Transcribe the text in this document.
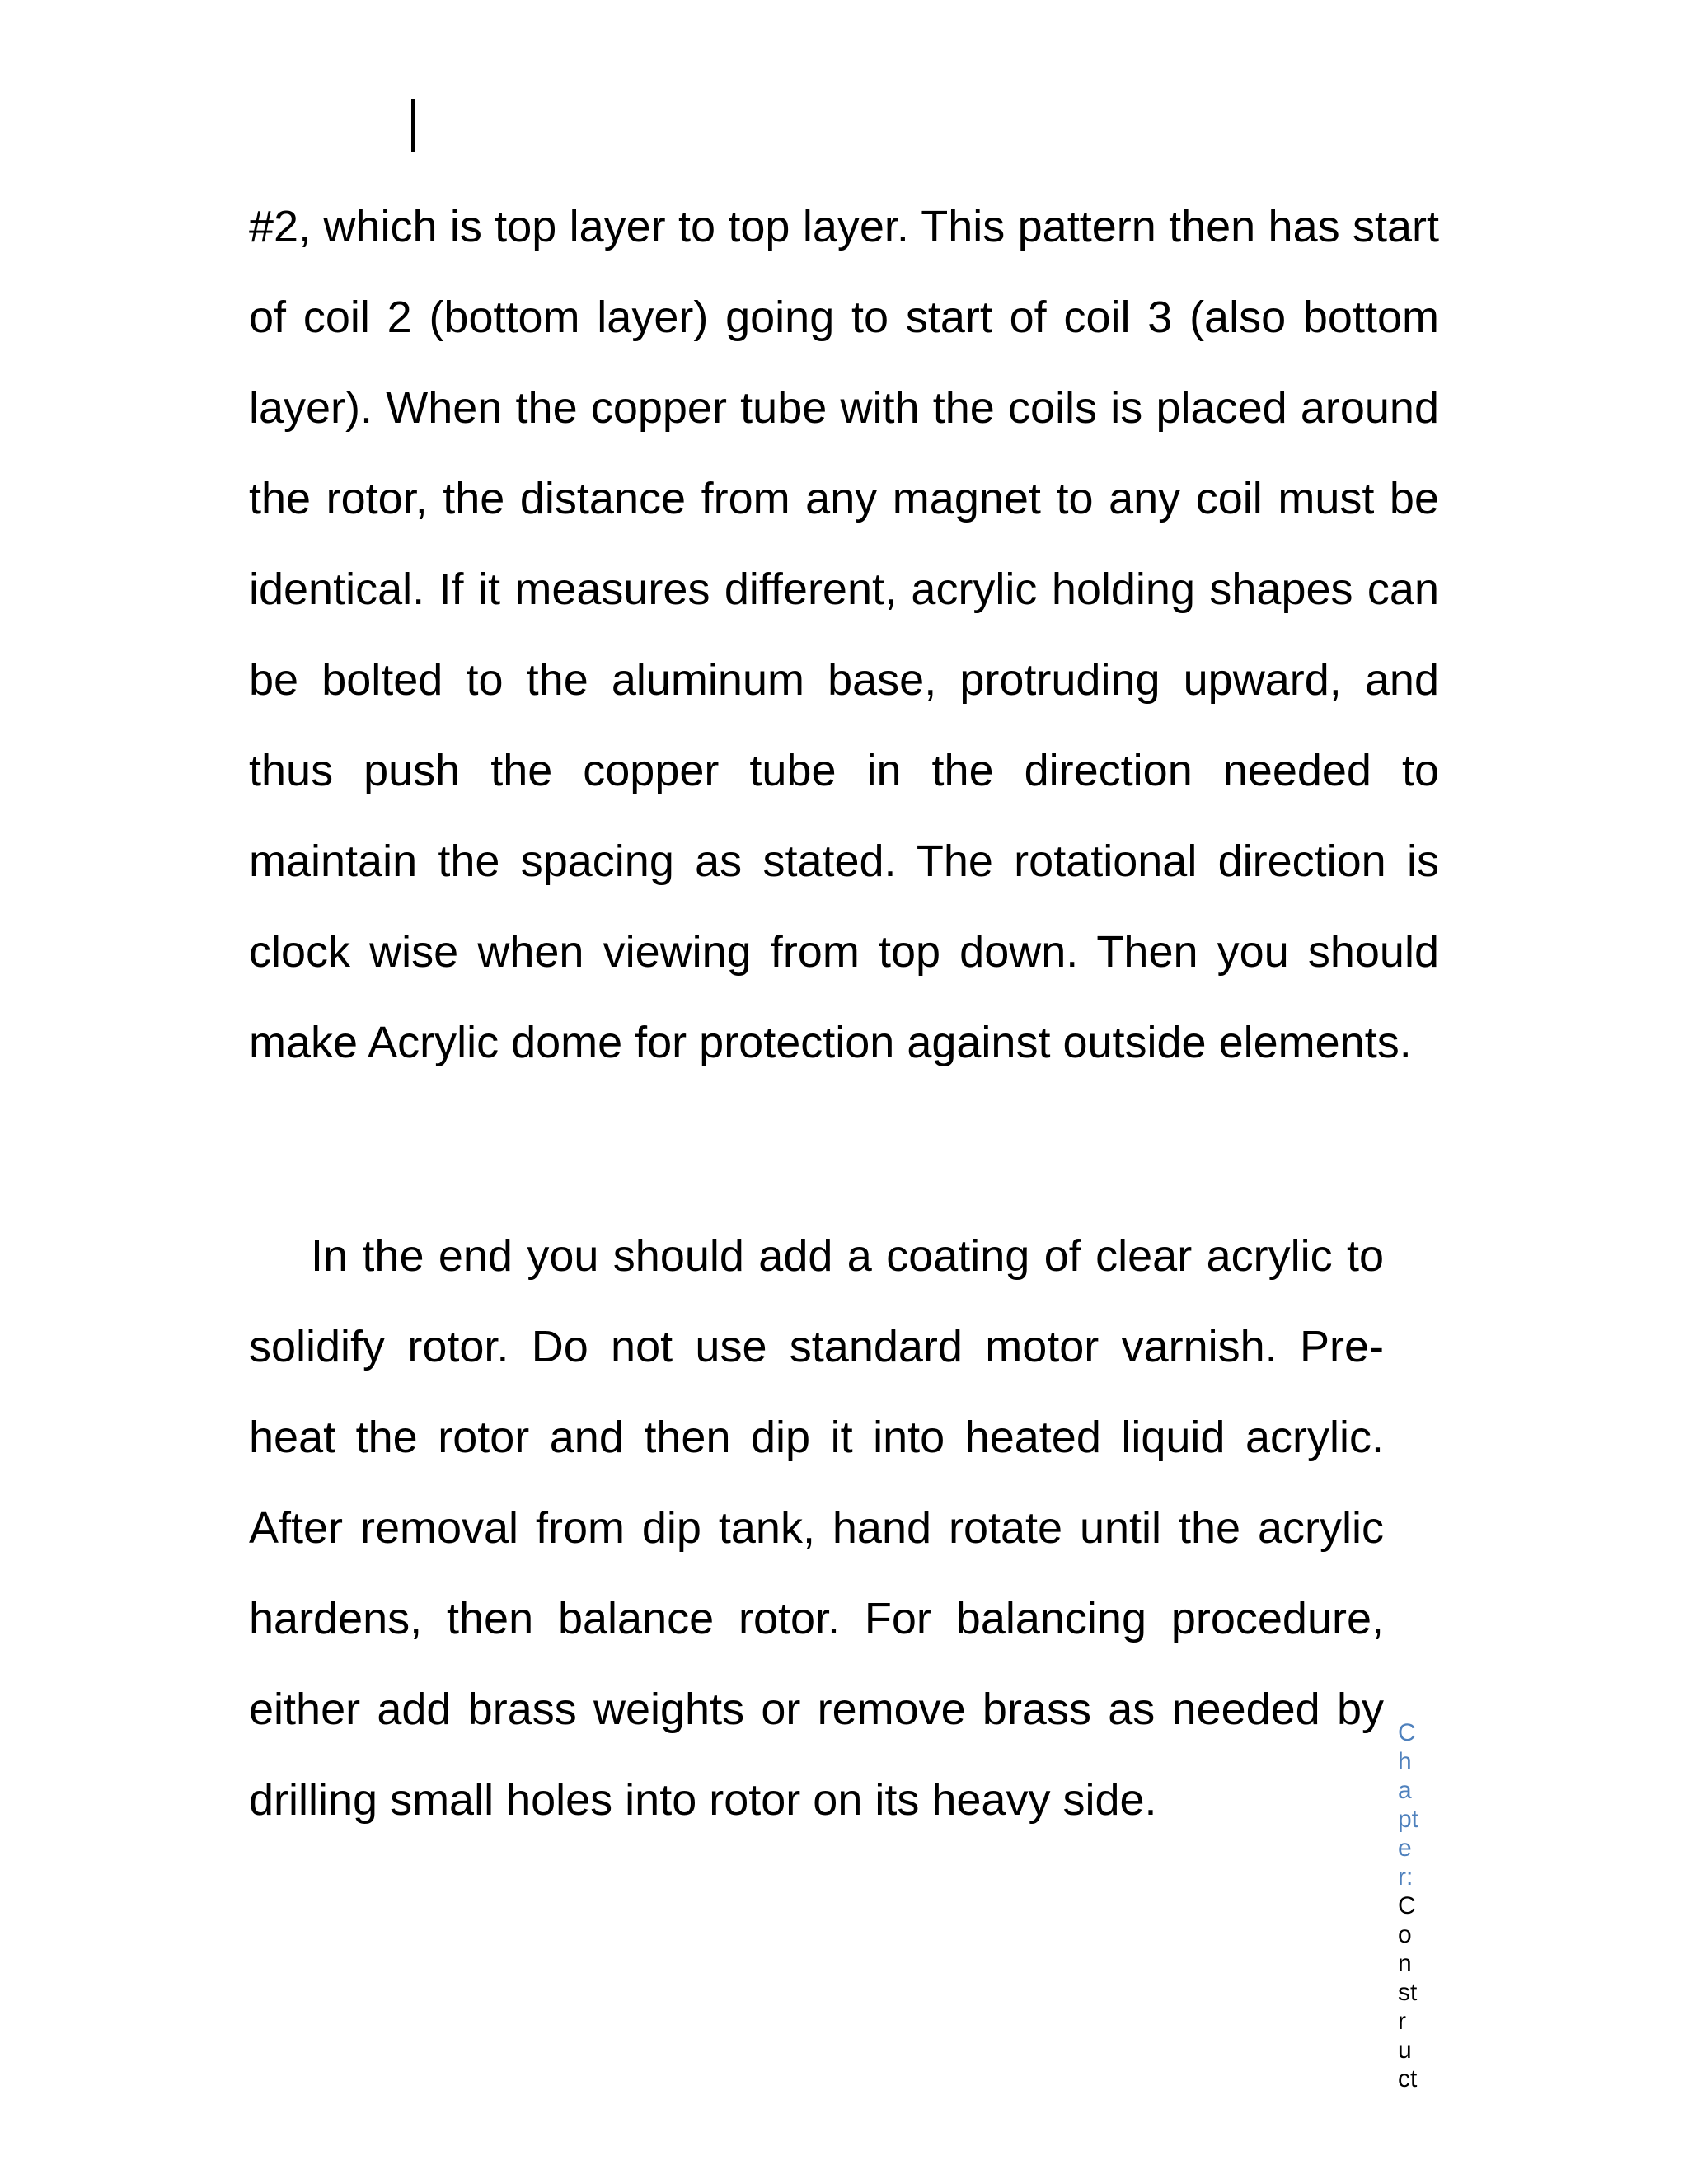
#2, which is top layer to top layer. This pattern then has start of coil 2 (bottom layer) going to start of coil 3 (also bottom layer). When the copper tube with the coils is placed around the rotor, the distance from any magnet to any coil must be identical. If it measures different, acrylic holding shapes can be bolted to the aluminum base, protruding upward, and thus push the copper tube in the direction needed to maintain the spacing as stated. The rotational direction is clock wise when viewing from top down. Then you should make Acrylic dome for protection against outside elements.

In the end you should add a coating of clear acrylic to solidify rotor. Do not use standard motor varnish. Pre-heat the rotor and then dip it into heated liquid acrylic. After removal from dip tank, hand rotate until the acrylic hardens, then balance rotor. For balancing procedure, either add brass weights or remove brass as needed by drilling small holes into rotor on its heavy side.

C
h
a
pt
e
r:
C
o
n
st
r
u
ct
